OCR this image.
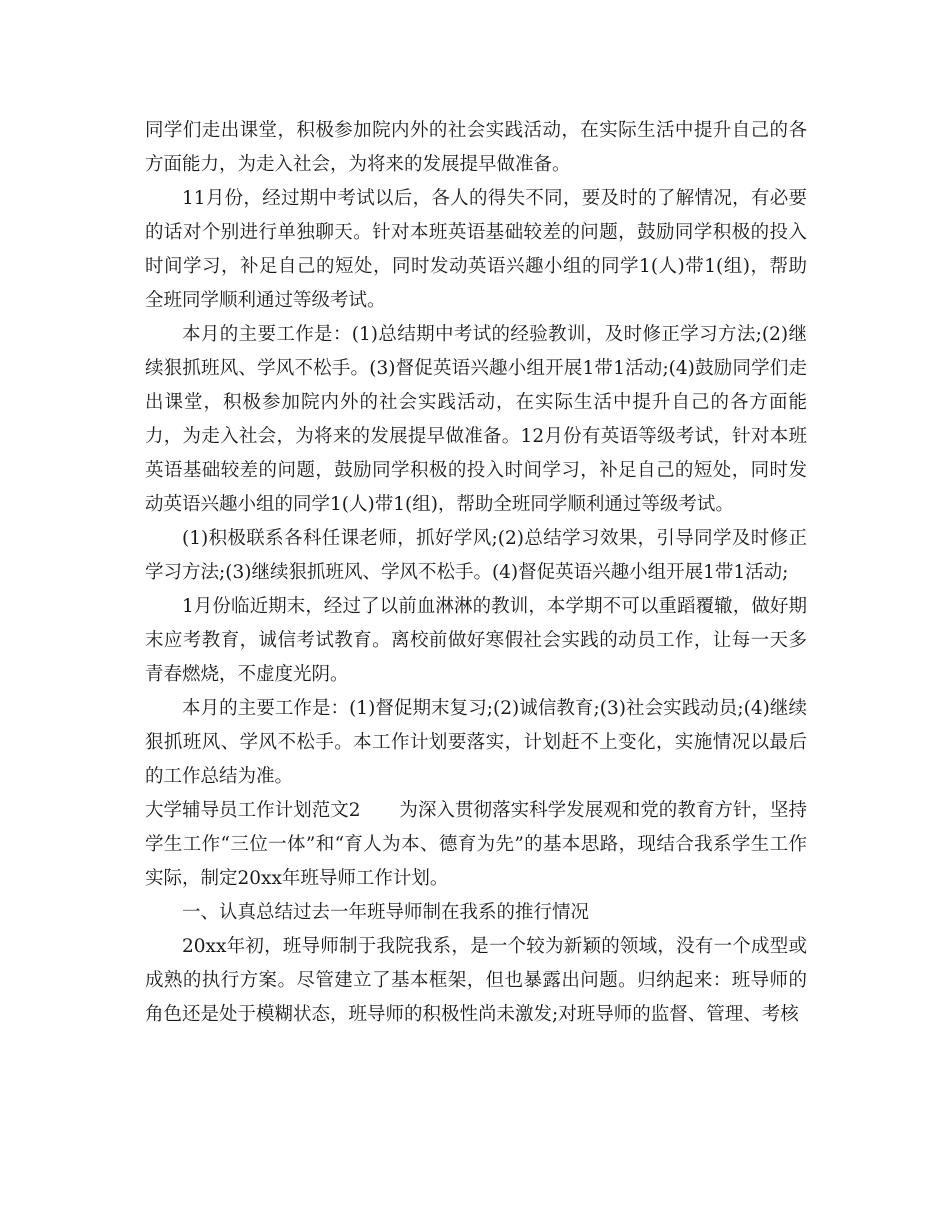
同学们走出课堂，积极参加院内外的社会实践活动，在实际生活中提升自己的各方面能力，为走入社会，为将来的发展提早做准备。

11月份，经过期中考试以后，各人的得失不同，要及时的了解情况，有必要的话对个别进行单独聊天。针对本班英语基础较差的问题，鼓励同学积极的投入时间学习，补足自己的短处，同时发动英语兴趣小组的同学1(人)带1(组)，帮助全班同学顺利通过等级考试。

本月的主要工作是：(1)总结期中考试的经验教训，及时修正学习方法;(2)继续狠抓班风、学风不松手。(3)督促英语兴趣小组开展1带1活动;(4)鼓励同学们走出课堂，积极参加院内外的社会实践活动，在实际生活中提升自己的各方面能力，为走入社会，为将来的发展提早做准备。12月份有英语等级考试，针对本班英语基础较差的问题，鼓励同学积极的投入时间学习，补足自己的短处，同时发动英语兴趣小组的同学1(人)带1(组)，帮助全班同学顺利通过等级考试。

(1)积极联系各科任课老师，抓好学风;(2)总结学习效果，引导同学及时修正学习方法;(3)继续狠抓班风、学风不松手。(4)督促英语兴趣小组开展1带1活动;

1月份临近期末，经过了以前血淋淋的教训，本学期不可以重蹈覆辙，做好期末应考教育，诚信考试教育。离校前做好寒假社会实践的动员工作，让每一天多青春燃烧，不虚度光阴。

本月的主要工作是：(1)督促期末复习;(2)诚信教育;(3)社会实践动员;(4)继续狠抓班风、学风不松手。本工作计划要落实，计划赶不上变化，实施情况以最后的工作总结为准。

大学辅导员工作计划范文2 为深入贯彻落实科学发展观和党的教育方针，坚持学生工作“三位一体”和“育人为本、德育为先”的基本思路，现结合我系学生工作实际，制定20xx年班导师工作计划。

一、认真总结过去一年班导师制在我系的推行情况

20xx年初，班导师制于我院我系，是一个较为新颖的领域，没有一个成型或成熟的执行方案。尽管建立了基本框架，但也暴露出问题。归纳起来：班导师的角色还是处于模糊状态，班导师的积极性尚未激发;对班导师的监督、管理、考核
